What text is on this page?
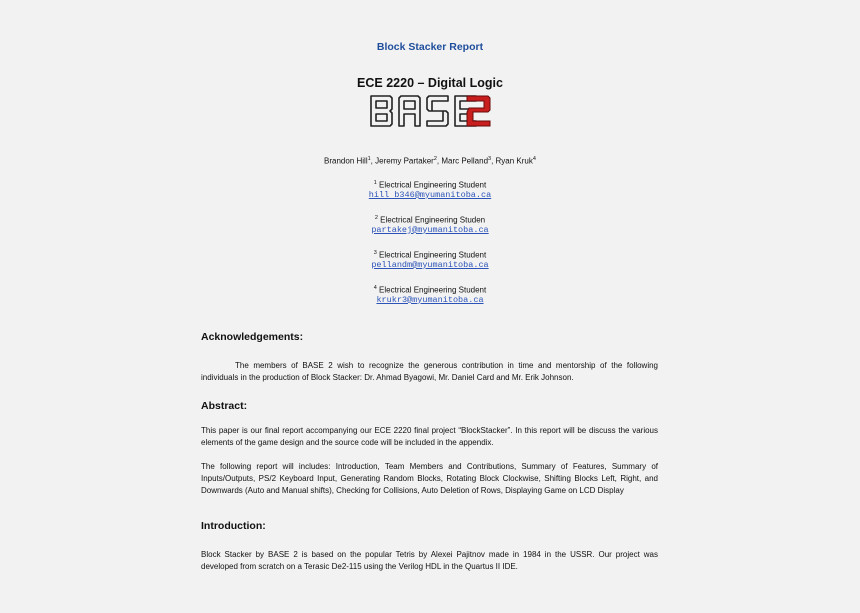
Block Stacker Report
ECE 2220 – Digital Logic
Brandon Hill$^1$, Jeremy Partaker$^2$, Marc Pelland$^3$, Ryan Kruk$^4$
$^1$ Electrical Engineering Student
hill b346@myumanitoba.ca
$^2$ Electrical Engineering Studen
partakej@myumanitoba.ca
$^3$ Electrical Engineering Student
pellandm@myumanitoba.ca
$^4$ Electrical Engineering Student
krukr3@myumanitoba.ca
Acknowledgements:
The members of BASE 2 wish to recognize the generous contribution in time and mentorship of the following individuals in the production of Block Stacker: Dr. Ahmad Byagowi, Mr. Daniel Card and Mr. Erik Johnson.
Abstract:
This paper is our final report accompanying our ECE 2220 final project “BlockStacker”. In this report will be discuss the various elements of the game design and the source code will be included in the appendix.
The following report will includes: Introduction, Team Members and Contributions, Summary of Features, Summary of Inputs/Outputs, PS/2 Keyboard Input, Generating Random Blocks, Rotating Block Clockwise, Shifting Blocks Left, Right, and Downwards (Auto and Manual shifts), Checking for Collisions, Auto Deletion of Rows, Displaying Game on LCD Display
Introduction:
Block Stacker by BASE 2 is based on the popular Tetris by Alexei Pajitnov made in 1984 in the USSR. Our project was developed from scratch on a Terasic De2-115 using the Verilog HDL in the Quartus II IDE.
